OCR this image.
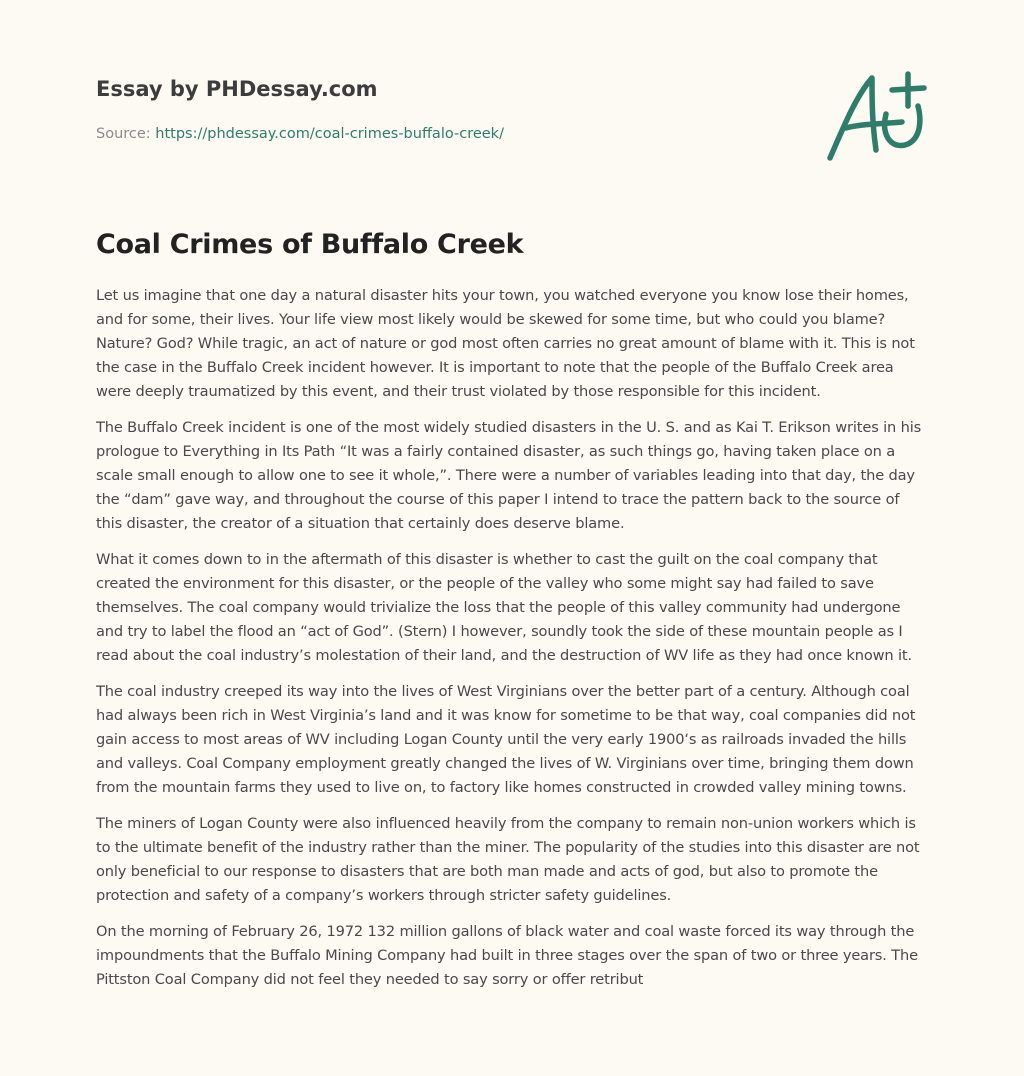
Essay by PHDessay.com
Source: https://phdessay.com/coal-crimes-buffalo-creek/
Coal Crimes of Buffalo Creek

Let us imagine that one day a natural disaster hits your town, you watched everyone you know lose their homes, and for some, their lives. Your life view most likely would be skewed for some time, but who could you blame? Nature? God? While tragic, an act of nature or god most often carries no great amount of blame with it. This is not the case in the Buffalo Creek incident however. It is important to note that the people of the Buffalo Creek area were deeply traumatized by this event, and their trust violated by those responsible for this incident.

The Buffalo Creek incident is one of the most widely studied disasters in the U. S. and as Kai T. Erikson writes in his prologue to Everything in Its Path “It was a fairly contained disaster, as such things go, having taken place on a scale small enough to allow one to see it whole,”. There were a number of variables leading into that day, the day the “dam” gave way, and throughout the course of this paper I intend to trace the pattern back to the source of this disaster, the creator of a situation that certainly does deserve blame.

What it comes down to in the aftermath of this disaster is whether to cast the guilt on the coal company that created the environment for this disaster, or the people of the valley who some might say had failed to save themselves. The coal company would trivialize the loss that the people of this valley community had undergone and try to label the flood an “act of God”. (Stern) I however, soundly took the side of these mountain people as I read about the coal industry’s molestation of their land, and the destruction of WV life as they had once known it.

The coal industry creeped its way into the lives of West Virginians over the better part of a century. Although coal had always been rich in West Virginia’s land and it was know for sometime to be that way, coal companies did not gain access to most areas of WV including Logan County until the very early 1900‘s as railroads invaded the hills and valleys. Coal Company employment greatly changed the lives of W. Virginians over time, bringing them down from the mountain farms they used to live on, to factory like homes constructed in crowded valley mining towns.

The miners of Logan County were also influenced heavily from the company to remain non-union workers which is to the ultimate benefit of the industry rather than the miner. The popularity of the studies into this disaster are not only beneficial to our response to disasters that are both man made and acts of god, but also to promote the protection and safety of a company’s workers through stricter safety guidelines.

On the morning of February 26, 1972 132 million gallons of black water and coal waste forced its way through the impoundments that the Buffalo Mining Company had built in three stages over the span of two or three years. The Pittston Coal Company did not feel they needed to say sorry or offer retribut
